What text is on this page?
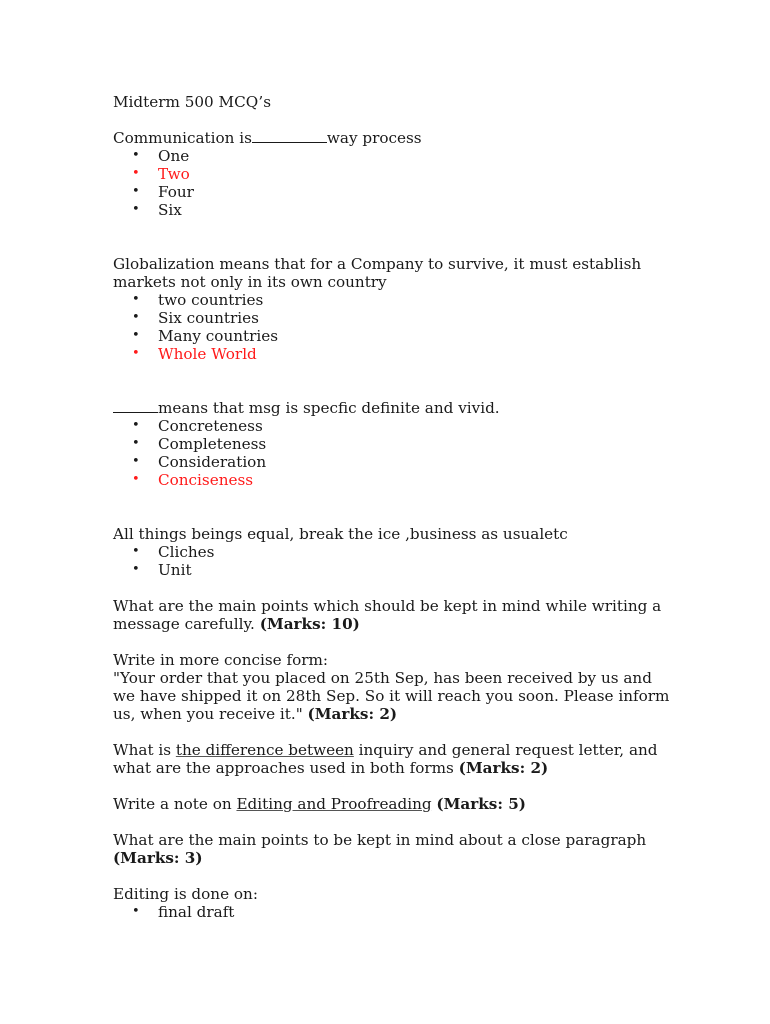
Midterm 500 MCQ’s

Communication is	way process

• One
• Two
• Four
• Six

Globalization means that for a Company to survive, it must establish markets not only in its own country

• two countries
• Six countries
• Many countries
• Whole World

means that msg is specfic definite and vivid.

• Concreteness
• Completeness
• Consideration
• Conciseness

All things beings equal, break the ice ,business as usualetc

• Cliches
• Unit

What are the main points which should be kept in mind while writing a message carefully. (Marks: 10)

Write in more concise form:
"Your order that you placed on 25th Sep, has been received by us and we have shipped it on 28th Sep. So it will reach you soon. Please inform us, when you receive it." (Marks: 2)

What is the difference between inquiry and general request letter, and what are the approaches used in both forms (Marks: 2)

Write a note on Editing and Proofreading (Marks: 5)

What are the main points to be kept in mind about a close paragraph
(Marks: 3)

Editing is done on:

• final draft
